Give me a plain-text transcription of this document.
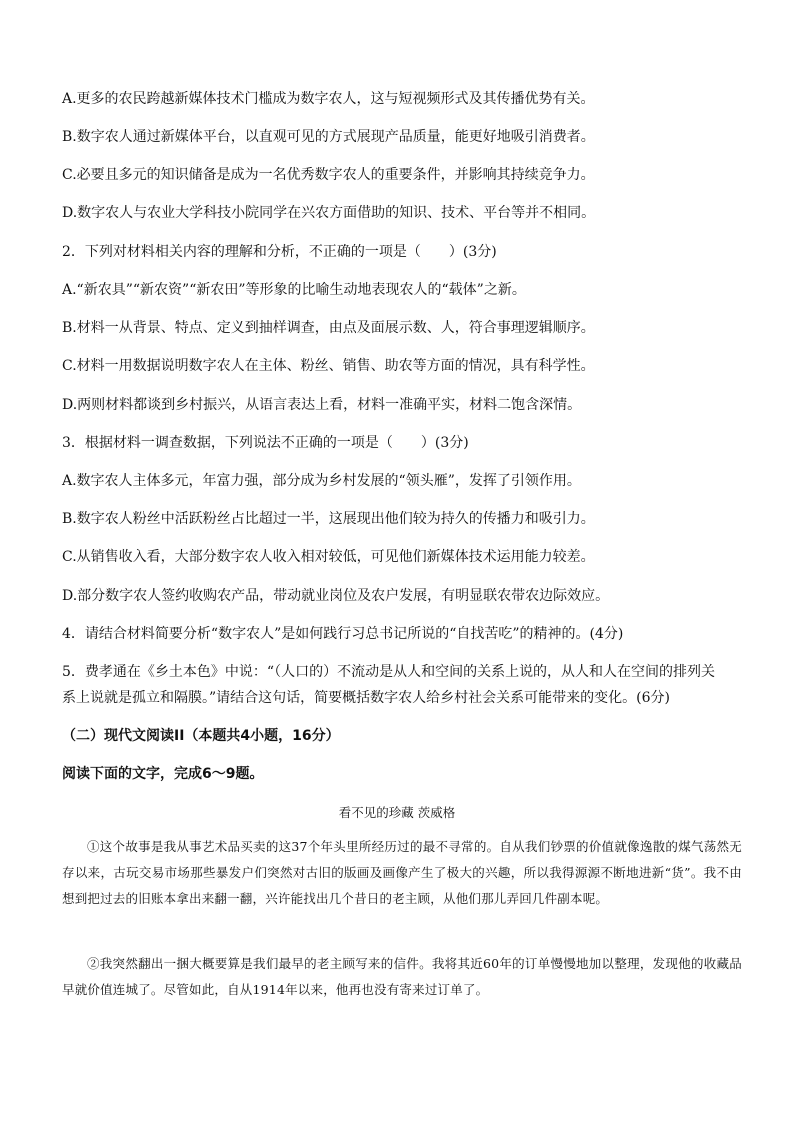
A.更多的农民跨越新媒体技术门槛成为数字农人，这与短视频形式及其传播优势有关。
B.数字农人通过新媒体平台，以直观可见的方式展现产品质量，能更好地吸引消费者。
C.必要且多元的知识储备是成为一名优秀数字农人的重要条件，并影响其持续竞争力。
D.数字农人与农业大学科技小院同学在兴农方面借助的知识、技术、平台等并不相同。
2．下列对材料相关内容的理解和分析，不正确的一项是（　　）(3分)
A.“新农具”“新农资”“新农田”等形象的比喻生动地表现农人的“载体”之新。
B.材料一从背景、特点、定义到抽样调查，由点及面展示数、人，符合事理逻辑顺序。
C.材料一用数据说明数字农人在主体、粉丝、销售、助农等方面的情况，具有科学性。
D.两则材料都谈到乡村振兴，从语言表达上看，材料一准确平实，材料二饱含深情。
3．根据材料一调查数据，下列说法不正确的一项是（　　）(3分)
A.数字农人主体多元，年富力强，部分成为乡村发展的“领头雁”，发挥了引领作用。
B.数字农人粉丝中活跃粉丝占比超过一半，这展现出他们较为持久的传播力和吸引力。
C.从销售收入看，大部分数字农人收入相对较低，可见他们新媒体技术运用能力较差。
D.部分数字农人签约收购农产品，带动就业岗位及农户发展，有明显联农带农边际效应。
4．请结合材料简要分析“数字农人”是如何践行习总书记所说的“自找苦吃”的精神的。(4分)
5．费孝通在《乡土本色》中说：“（人口的）不流动是从人和空间的关系上说的，从人和人在空间的排列关
系上说就是孤立和隔膜。”请结合这句话，简要概括数字农人给乡村社会关系可能带来的变化。(6分)
（二）现代文阅读II（本题共4小题，16分）
阅读下面的文字，完成6～9题。
看不见的珍藏 茨威格
①这个故事是我从事艺术品买卖的这37个年头里所经历过的最不寻常的。自从我们钞票的价值就像逸散的煤气荡然无存以来，古玩交易市场那些暴发户们突然对古旧的版画及画像产生了极大的兴趣，所以我得源源不断地进新“货”。我不由想到把过去的旧账本拿出来翻一翻，兴许能找出几个昔日的老主顾，从他们那儿弄回几件副本呢。
②我突然翻出一捆大概要算是我们最早的老主顾写来的信件。我将其近60年的订单慢慢地加以整理，发现他的收藏品早就价值连城了。尽管如此，自从1914年以来，他再也没有寄来过订单了。
